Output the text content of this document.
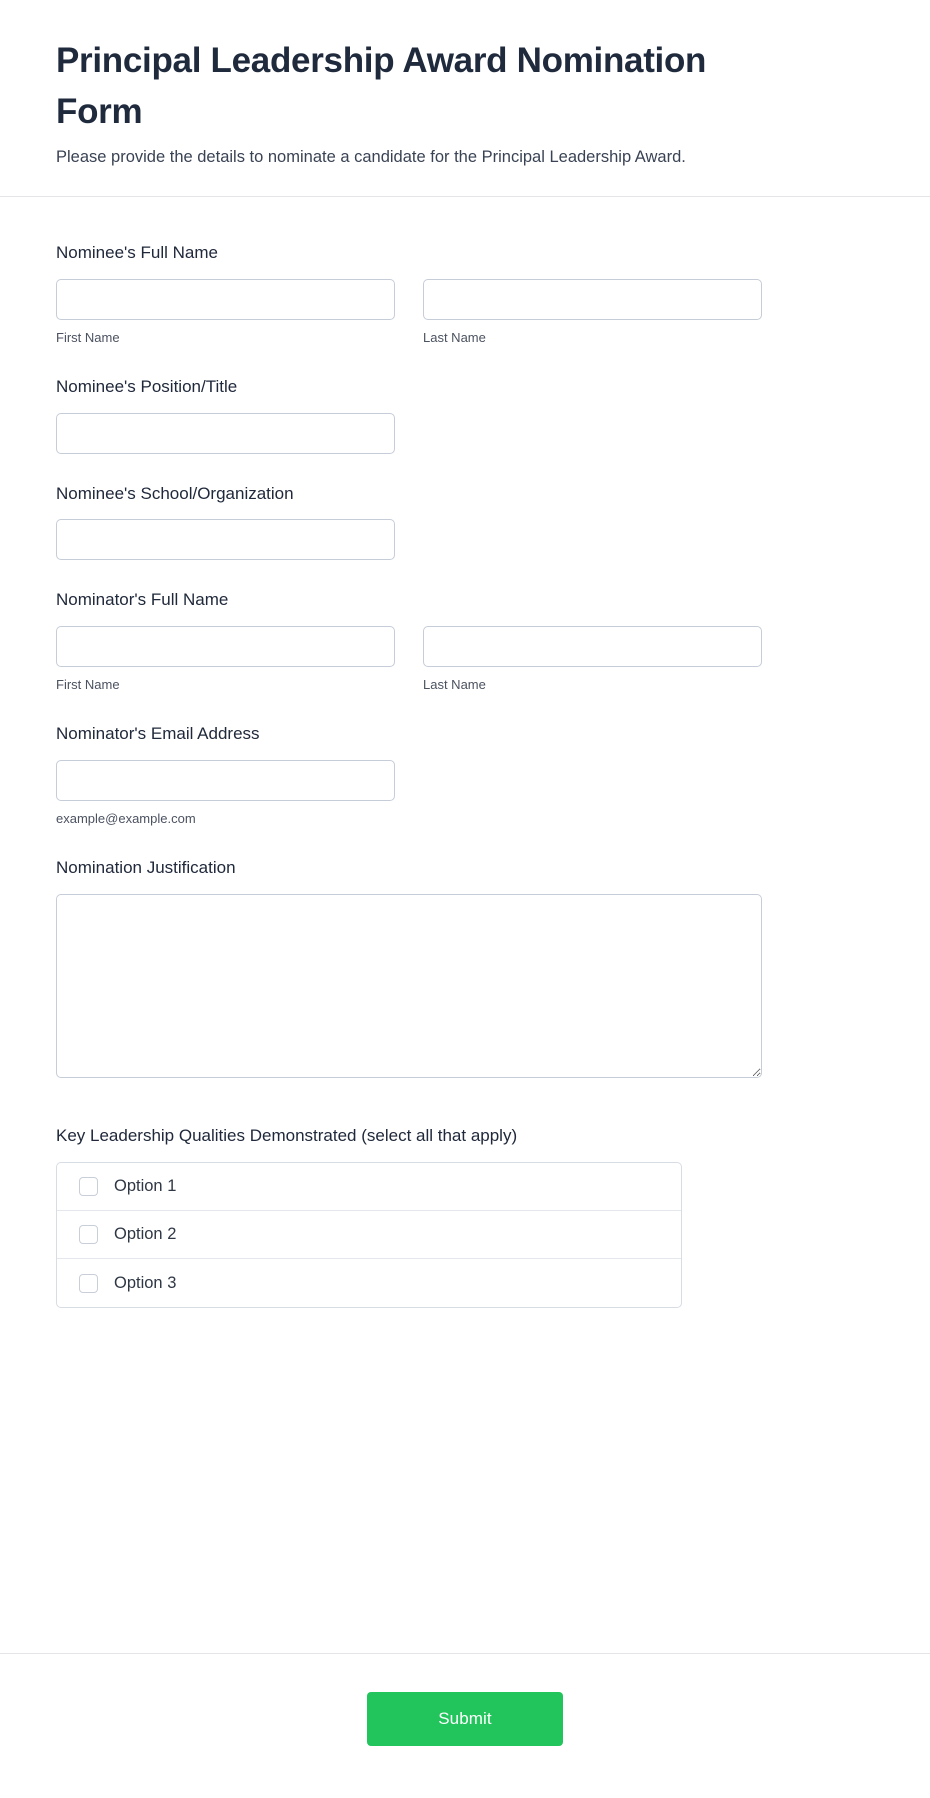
Principal Leadership Award Nomination Form

Please provide the details to nominate a candidate for the Principal Leadership Award.

Nominee's Full Name
First Name	Last Name
Nominee's Position/Title
Nominee's School/Organization
Nominator's Full Name
First Name	Last Name
Nominator's Email Address
example@example.com
Nomination Justification
Key Leadership Qualities Demonstrated (select all that apply)
Option 1
Option 2
Option 3
Submit
